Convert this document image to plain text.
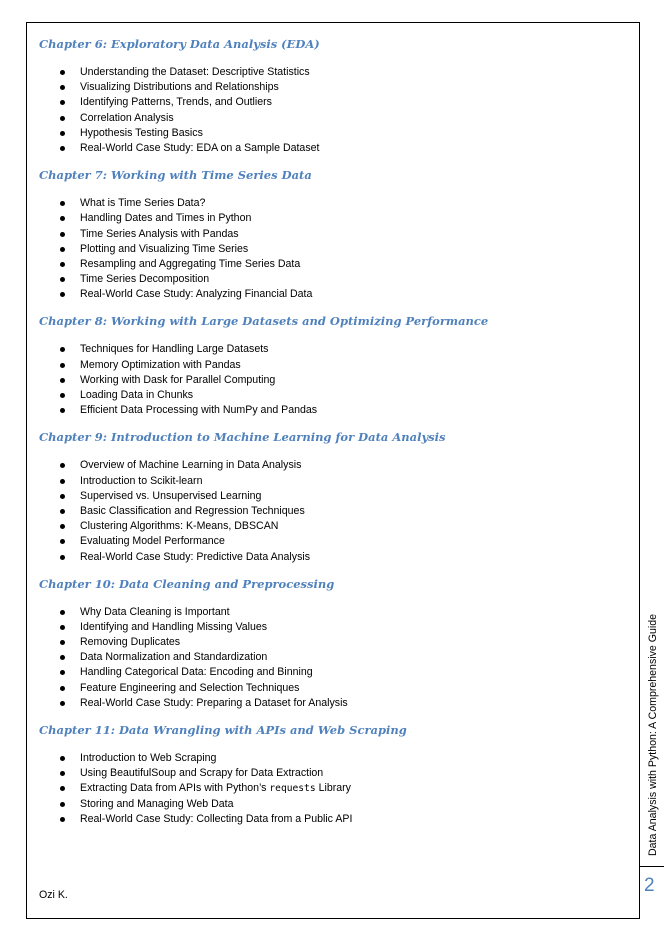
Chapter 6: Exploratory Data Analysis (EDA)
Understanding the Dataset: Descriptive Statistics
Visualizing Distributions and Relationships
Identifying Patterns, Trends, and Outliers
Correlation Analysis
Hypothesis Testing Basics
Real-World Case Study: EDA on a Sample Dataset
Chapter 7: Working with Time Series Data
What is Time Series Data?
Handling Dates and Times in Python
Time Series Analysis with Pandas
Plotting and Visualizing Time Series
Resampling and Aggregating Time Series Data
Time Series Decomposition
Real-World Case Study: Analyzing Financial Data
Chapter 8: Working with Large Datasets and Optimizing Performance
Techniques for Handling Large Datasets
Memory Optimization with Pandas
Working with Dask for Parallel Computing
Loading Data in Chunks
Efficient Data Processing with NumPy and Pandas
Chapter 9: Introduction to Machine Learning for Data Analysis
Overview of Machine Learning in Data Analysis
Introduction to Scikit-learn
Supervised vs. Unsupervised Learning
Basic Classification and Regression Techniques
Clustering Algorithms: K-Means, DBSCAN
Evaluating Model Performance
Real-World Case Study: Predictive Data Analysis
Chapter 10: Data Cleaning and Preprocessing
Why Data Cleaning is Important
Identifying and Handling Missing Values
Removing Duplicates
Data Normalization and Standardization
Handling Categorical Data: Encoding and Binning
Feature Engineering and Selection Techniques
Real-World Case Study: Preparing a Dataset for Analysis
Chapter 11: Data Wrangling with APIs and Web Scraping
Introduction to Web Scraping
Using BeautifulSoup and Scrapy for Data Extraction
Extracting Data from APIs with Python’s requests Library
Storing and Managing Web Data
Real-World Case Study: Collecting Data from a Public API
Ozi K.
Data Analysis with Python: A Comprehensive Guide
2
